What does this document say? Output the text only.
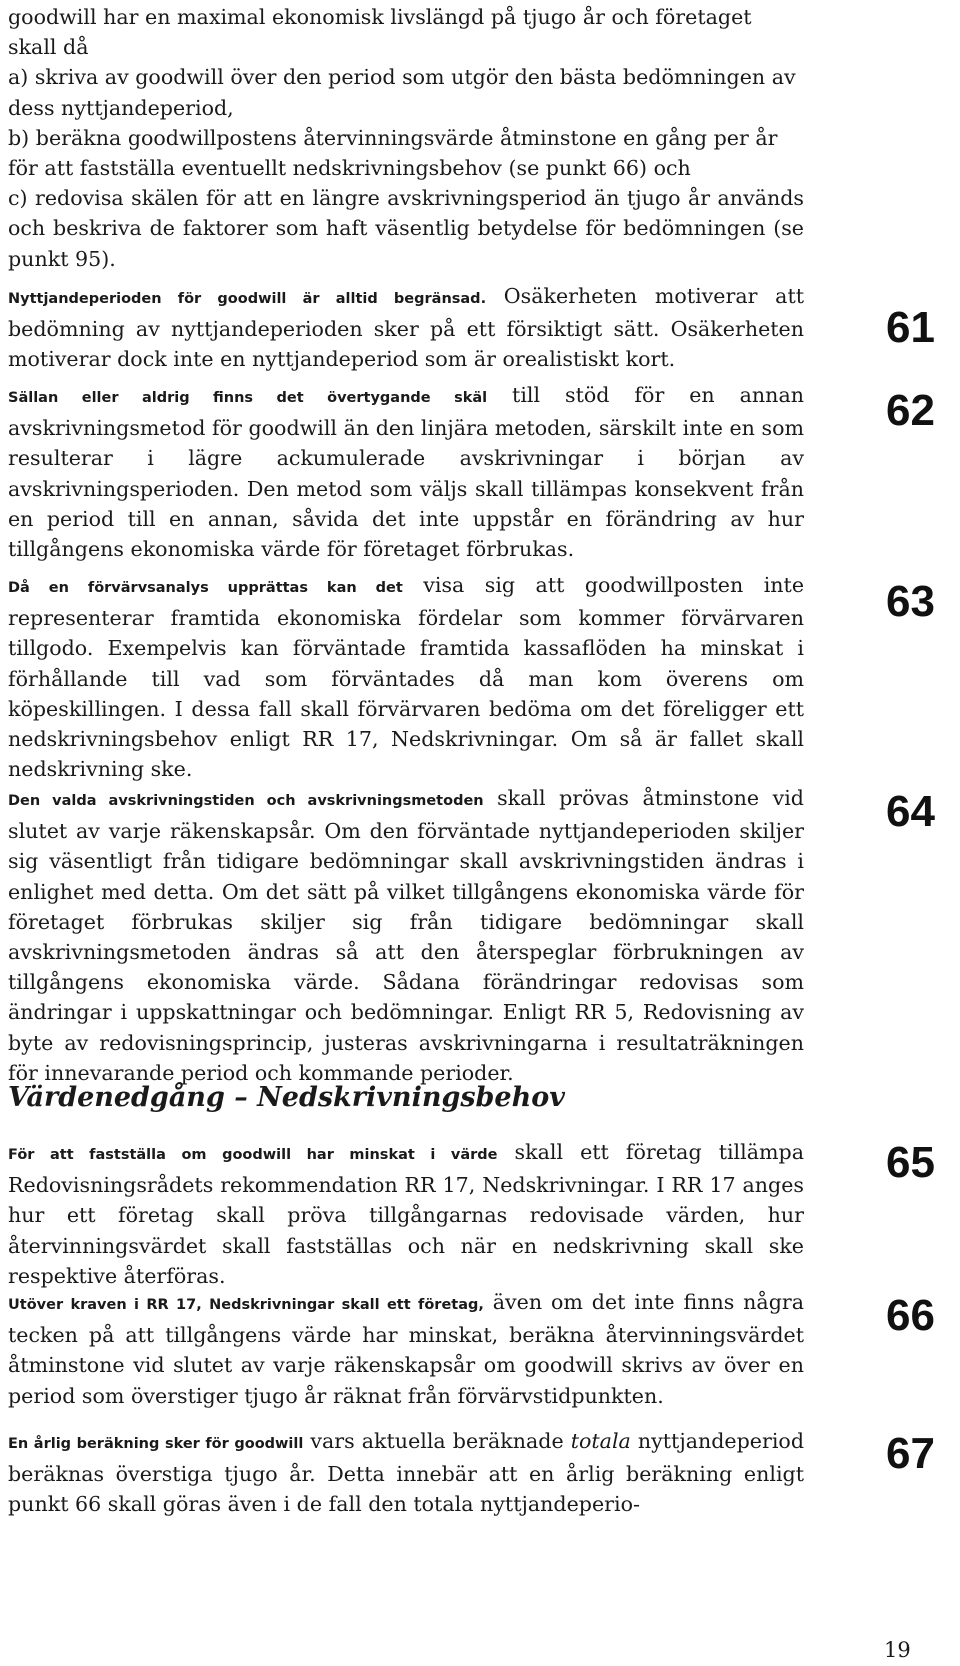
goodwill har en maximal ekonomisk livslängd på tjugo år och företaget skall då

a) skriva av goodwill över den period som utgör den bästa bedömningen av dess nyttjandeperiod,

b) beräkna goodwillpostens återvinningsvärde åtminstone en gång per år för att fastställa eventuellt nedskrivningsbehov (se punkt 66) och

c) redovisa skälen för att en längre avskrivningsperiod än tjugo år används och beskriva de faktorer som haft väsentlig betydelse för bedömningen (se punkt 95).

Nyttjandeperioden för goodwill är alltid begränsad. Osäkerheten motiverar att bedömning av nyttjandeperioden sker på ett försiktigt sätt. Osäkerheten motiverar dock inte en nyttjandeperiod som är orealistiskt kort.

Sällan eller aldrig finns det övertygande skäl till stöd för en annan avskrivningsmetod för goodwill än den linjära metoden, särskilt inte en som resulterar i lägre ackumulerade avskrivningar i början av avskrivningsperioden. Den metod som väljs skall tillämpas konsekvent från en period till en annan, såvida det inte uppstår en förändring av hur tillgångens ekonomiska värde för företaget förbrukas.

Då en förvärvsanalys upprättas kan det visa sig att goodwillposten inte representerar framtida ekonomiska fördelar som kommer förvärvaren tillgodo. Exempelvis kan förväntade framtida kassaflöden ha minskat i förhållande till vad som förväntades då man kom överens om köpeskillingen. I dessa fall skall förvärvaren bedöma om det föreligger ett nedskrivningsbehov enligt RR 17, Nedskrivningar. Om så är fallet skall nedskrivning ske.

Den valda avskrivningstiden och avskrivningsmetoden skall prövas åtminstone vid slutet av varje räkenskapsår. Om den förväntade nyttjandeperioden skiljer sig väsentligt från tidigare bedömningar skall avskrivningstiden ändras i enlighet med detta. Om det sätt på vilket tillgångens ekonomiska värde för företaget förbrukas skiljer sig från tidigare bedömningar skall avskrivningsmetoden ändras så att den återspeglar förbrukningen av tillgångens ekonomiska värde. Sådana förändringar redovisas som ändringar i uppskattningar och bedömningar. Enligt RR 5, Redovisning av byte av redovisningsprincip, justeras avskrivningarna i resultaträkningen för innevarande period och kommande perioder.

Värdenedgång – Nedskrivningsbehov

För att fastställa om goodwill har minskat i värde skall ett företag tillämpa Redovisningsrådets rekommendation RR 17, Nedskrivningar. I RR 17 anges hur ett företag skall pröva tillgångarnas redovisade värden, hur återvinningsvärdet skall fastställas och när en nedskrivning skall ske respektive återföras.

Utöver kraven i RR 17, Nedskrivningar skall ett företag, även om det inte finns några tecken på att tillgångens värde har minskat, beräkna återvinningsvärdet åtminstone vid slutet av varje räkenskapsår om goodwill skrivs av över en period som överstiger tjugo år räknat från förvärvstidpunkten.

En årlig beräkning sker för goodwill vars aktuella beräknade totala nyttjandeperiod beräknas överstiga tjugo år. Detta innebär att en årlig beräkning enligt punkt 66 skall göras även i de fall den totala nyttjandeperio-

61
62
63
64
65
66
67
19
